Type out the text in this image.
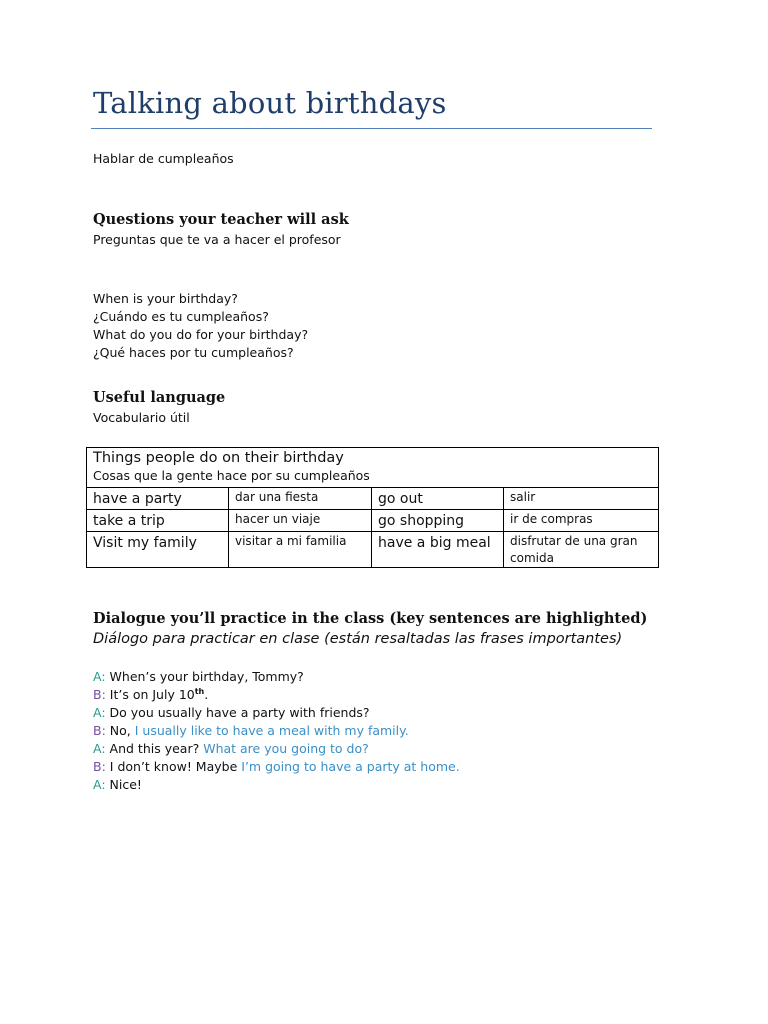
Talking about birthdays
Hablar de cumpleaños
Questions your teacher will ask
Preguntas que te va a hacer el profesor
When is your birthday?
¿Cuándo es tu cumpleaños?
What do you do for your birthday?
¿Qué haces por tu cumpleaños?
Useful language
Vocabulario útil
Things people do on their birthday
Cosas que la gente hace por su cumpleaños			

have a party	dar una fiesta	go out	salir
take a trip	hacer un viaje	go shopping	ir de compras
Visit my family	visitar a mi familia	have a big meal	disfrutar de una gran comida
Dialogue you’ll practice in the class (key sentences are highlighted)
Diálogo para practicar en clase (están resaltadas las frases importantes)
A: When’s your birthday, Tommy?
B: It’s on July 10th.
A: Do you usually have a party with friends?
B: No, I usually like to have a meal with my family.
A: And this year? What are you going to do?
B: I don’t know! Maybe I’m going to have a party at home.
A: Nice!
